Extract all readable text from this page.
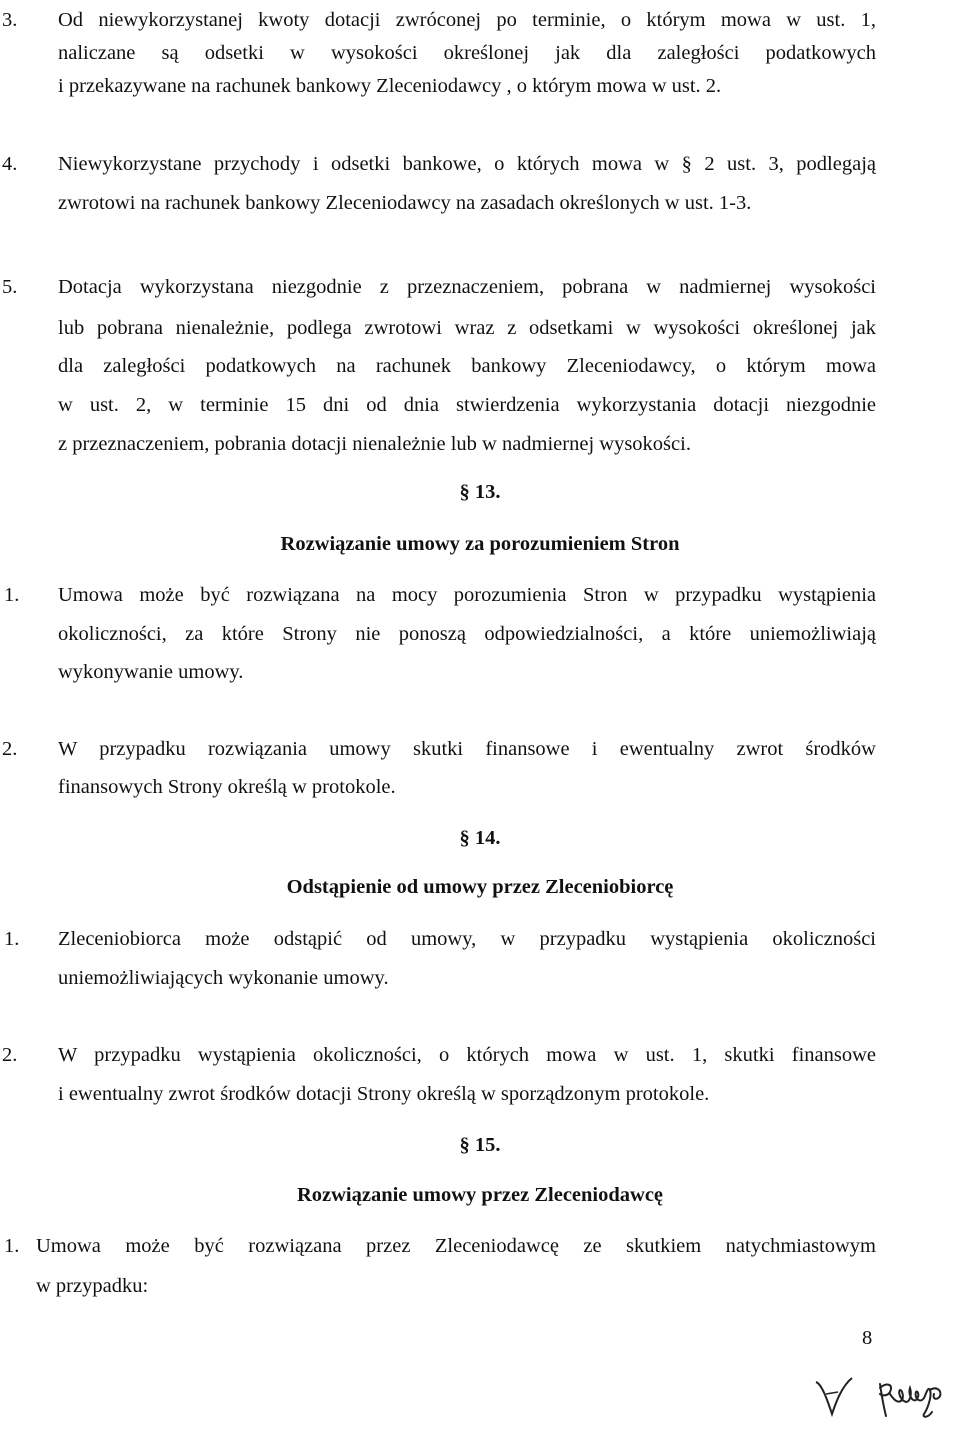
3. Od niewykorzystanej kwoty dotacji zwróconej po terminie, o którym mowa w ust. 1,
naliczane są odsetki w wysokości określonej jak dla zaległości podatkowych
i przekazywane na rachunek bankowy Zleceniodawcy , o którym mowa w ust. 2.
4. Niewykorzystane przychody i odsetki bankowe, o których mowa w § 2 ust. 3, podlegają
zwrotowi na rachunek bankowy Zleceniodawcy na zasadach określonych w ust. 1-3.
5. Dotacja wykorzystana niezgodnie z przeznaczeniem, pobrana w nadmiernej wysokości
lub pobrana nienależnie, podlega zwrotowi wraz z odsetkami w wysokości określonej jak
dla zaległości podatkowych na rachunek bankowy Zleceniodawcy, o którym mowa
w ust. 2, w terminie 15 dni od dnia stwierdzenia wykorzystania dotacji niezgodnie
z przeznaczeniem, pobrania dotacji nienależnie lub w nadmiernej wysokości.
§ 13.
Rozwiązanie umowy za porozumieniem Stron
1. Umowa może być rozwiązana na mocy porozumienia Stron w przypadku wystąpienia
okoliczności, za które Strony nie ponoszą odpowiedzialności, a które uniemożliwiają
wykonywanie umowy.
2. W przypadku rozwiązania umowy skutki finansowe i ewentualny zwrot środków
finansowych Strony określą w protokole.
§ 14.
Odstąpienie od umowy przez Zleceniobiorcę
1. Zleceniobiorca może odstąpić od umowy, w przypadku wystąpienia okoliczności
uniemożliwiających wykonanie umowy.
2. W przypadku wystąpienia okoliczności, o których mowa w ust. 1, skutki finansowe
i ewentualny zwrot środków dotacji Strony określą w sporządzonym protokole.
§ 15.
Rozwiązanie umowy przez Zleceniodawcę
1. Umowa może być rozwiązana przez Zleceniodawcę ze skutkiem natychmiastowym
w przypadku:
8
